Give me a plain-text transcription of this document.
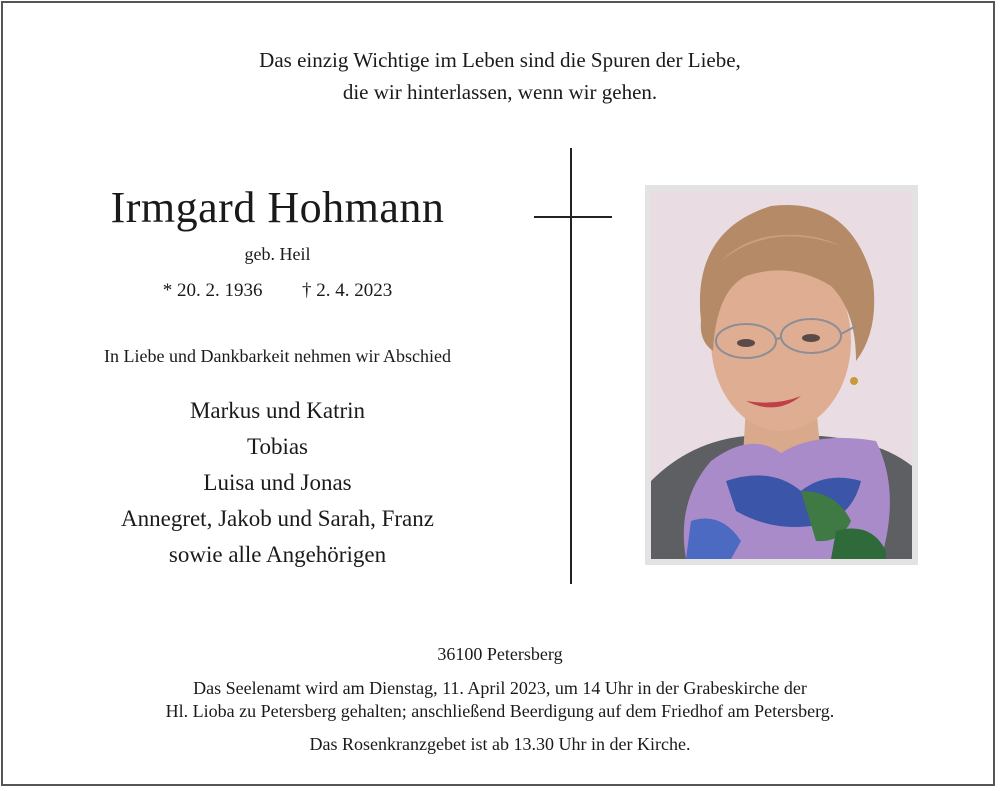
Das einzig Wichtige im Leben sind die Spuren der Liebe,
die wir hinterlassen, wenn wir gehen.
Irmgard Hohmann
geb. Heil
* 20. 2. 1936 † 2. 4. 2023
In Liebe und Dankbarkeit nehmen wir Abschied
Markus und Katrin
Tobias
Luisa und Jonas
Annegret, Jakob und Sarah, Franz
sowie alle Angehörigen
36100 Petersberg
Das Seelenamt wird am Dienstag, 11. April 2023, um 14 Uhr in der Grabeskirche der
Hl. Lioba zu Petersberg gehalten; anschließend Beerdigung auf dem Friedhof am Petersberg.
Das Rosenkranzgebet ist ab 13.30 Uhr in der Kirche.
